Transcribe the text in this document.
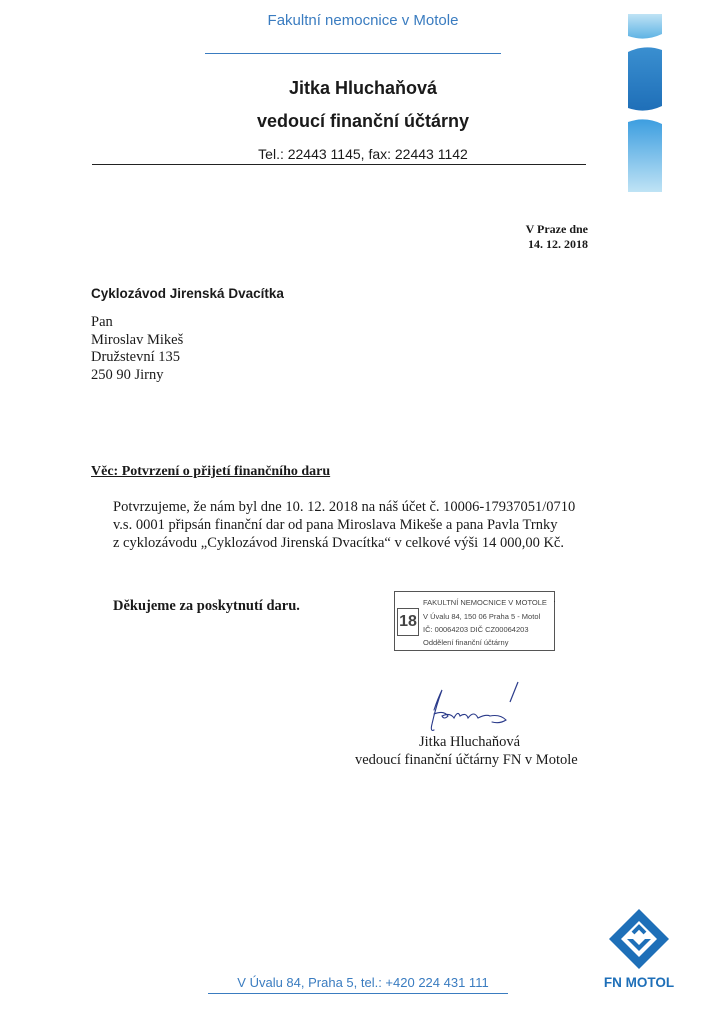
Fakultní nemocnice v Motole
Jitka Hluchaňová
vedoucí finanční účtárny
Tel.: 22443 1145, fax: 22443 1142
V Praze dne
14. 12. 2018
Cyklozávod Jirenská Dvacítka
Pan
Miroslav Mikeš
Družstevní 135
250 90 Jirny
Věc: Potvrzení o přijetí finančního daru
Potvrzujeme, že nám byl dne 10. 12. 2018 na náš účet č. 10006-17937051/0710
v.s. 0001 připsán finanční dar od pana Miroslava Mikeše a pana Pavla Trnky
z cyklozávodu „Cyklozávod Jirenská Dvacítka“ v celkové výši 14 000,00 Kč.
Děkujeme za poskytnutí daru.
18
FAKULTNÍ NEMOCNICE V MOTOLE
V Úvalu 84, 150 06 Praha 5 - Motol
IČ: 00064203 DIČ CZ00064203
Oddělení finanční účtárny
·
Jitka Hluchaňová
vedoucí finanční účtárny FN v Motole
V Úvalu 84, Praha 5, tel.: +420 224 431 111	FN MOTOL
